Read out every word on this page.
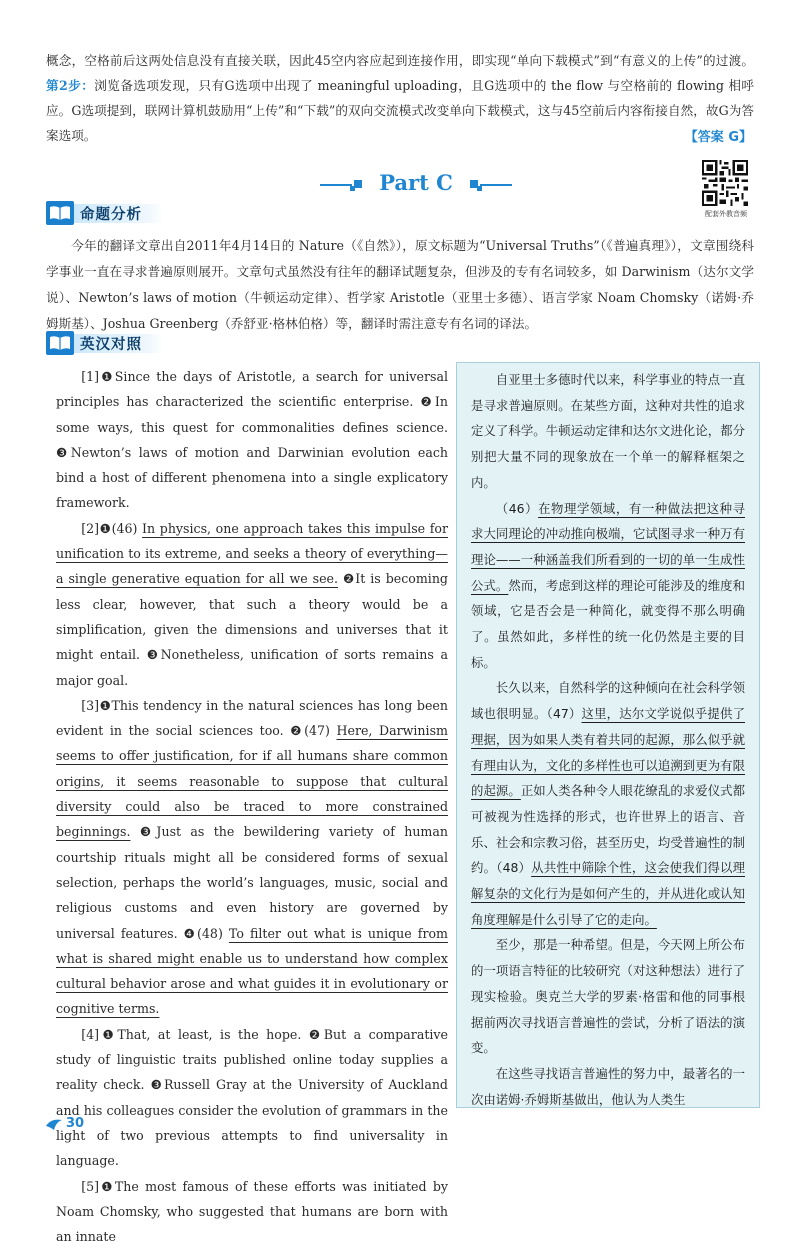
概念，空格前后这两处信息没有直接关联，因此45空内容应起到连接作用，即实现“单向下载模式”到“有意义的上传”的过渡。第2步：浏览备选项发现，只有G选项中出现了 meaningful uploading，且G选项中的 the flow 与空格前的 flowing 相呼应。G选项提到，联网计算机鼓励用“上传”和“下载”的双向交流模式改变单向下载模式，这与45空前后内容衔接自然，故G为答案选项。	【答案 G】
Part C
配套外教音频
命题分析
今年的翻译文章出自2011年4月14日的 Nature（《自然》），原文标题为“Universal Truths”（《普遍真理》），文章围绕科学事业一直在寻求普遍原则展开。文章句式虽然没有往年的翻译试题复杂，但涉及的专有名词较多，如 Darwinism（达尔文学说）、Newton’s laws of motion（牛顿运动定律）、哲学家 Aristotle（亚里士多德）、语言学家 Noam Chomsky（诺姆·乔姆斯基）、Joshua Greenberg（乔舒亚·格林伯格）等，翻译时需注意专有名词的译法。
英汉对照

[1]❶Since the days of Aristotle, a search for universal principles has characterized the scientific enterprise. ❷In some ways, this quest for commonalities defines science. ❸Newton’s laws of motion and Darwinian evolution each bind a host of different phenomena into a single explicatory framework.

[2]❶(46) In physics, one approach takes this impulse for unification to its extreme, and seeks a theory of everything—a single generative equation for all we see. ❷It is becoming less clear, however, that such a theory would be a simplification, given the dimensions and universes that it might entail. ❸Nonetheless, unification of sorts remains a major goal.

[3]❶This tendency in the natural sciences has long been evident in the social sciences too. ❷(47) Here, Darwinism seems to offer justification, for if all humans share common origins, it seems reasonable to suppose that cultural diversity could also be traced to more constrained beginnings. ❸Just as the bewildering variety of human courtship rituals might all be considered forms of sexual selection, perhaps the world’s languages, music, social and religious customs and even history are governed by universal features. ❹(48) To filter out what is unique from what is shared might enable us to understand how complex cultural behavior arose and what guides it in evolutionary or cognitive terms.

[4]❶That, at least, is the hope. ❷But a comparative study of linguistic traits published online today supplies a reality check. ❸Russell Gray at the University of Auckland and his colleagues consider the evolution of grammars in the light of two previous attempts to find universality in language.

[5]❶The most famous of these efforts was initiated by Noam Chomsky, who suggested that humans are born with an innate

自亚里士多德时代以来，科学事业的特点一直是寻求普遍原则。在某些方面，这种对共性的追求定义了科学。牛顿运动定律和达尔文进化论，都分别把大量不同的现象放在一个单一的解释框架之内。

（46）在物理学领域，有一种做法把这种寻求大同理论的冲动推向极端，它试图寻求一种万有理论——一种涵盖我们所看到的一切的单一生成性公式。然而，考虑到这样的理论可能涉及的维度和领域，它是否会是一种简化，就变得不那么明确了。虽然如此，多样性的统一化仍然是主要的目标。

长久以来，自然科学的这种倾向在社会科学领域也很明显。（47）这里，达尔文学说似乎提供了理据，因为如果人类有着共同的起源，那么似乎就有理由认为，文化的多样性也可以追溯到更为有限的起源。正如人类各种令人眼花缭乱的求爱仪式都可被视为性选择的形式，也许世界上的语言、音乐、社会和宗教习俗，甚至历史，均受普遍性的制约。（48）从共性中筛除个性，这会使我们得以理解复杂的文化行为是如何产生的，并从进化或认知角度理解是什么引导了它的走向。

至少，那是一种希望。但是，今天网上所公布的一项语言特征的比较研究（对这种想法）进行了现实检验。奥克兰大学的罗素·格雷和他的同事根据前两次寻找语言普遍性的尝试，分析了语法的演变。

在这些寻找语言普遍性的努力中，最著名的一次由诺姆·乔姆斯基做出，他认为人类生

30
